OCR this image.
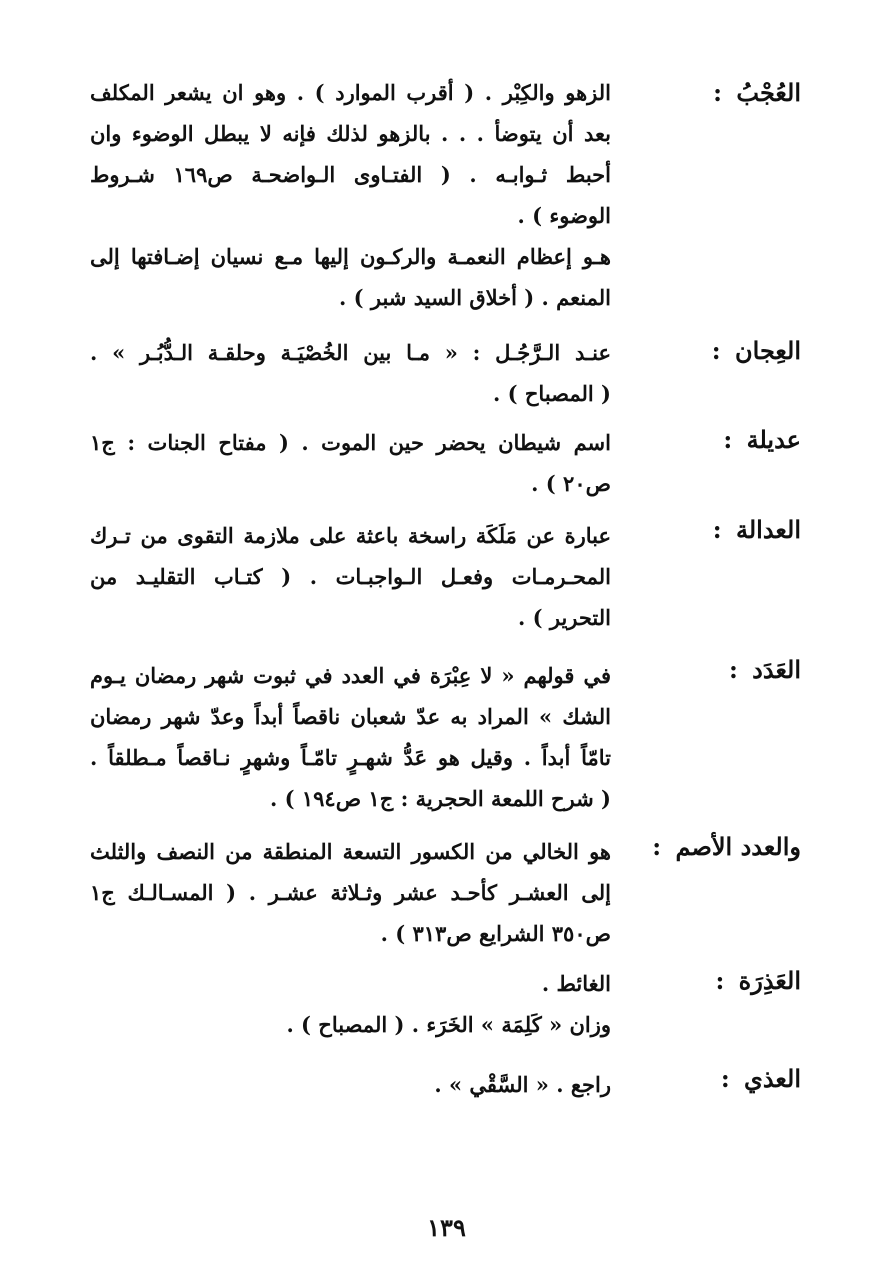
العُجْبُ :
الزهو والكِبْر . ( أقرب الموارد ) . وهو ان يشعر المكلف
بعد أن يتوضأ . . . بالزهو لذلك فإنه لا يبطل الوضوء وان
أحبط ثـوابـه . ( الفتـاوى الـواضحـة ص١٦٩ شـروط
الوضوء ) .
هـو إعظام النعمـة والركـون إليها مـع نسيان إضـافتها إلى
المنعم . ( أخلاق السيد شبر ) .
العِجان :
عنـد الـرَّجُـل : « مـا بين الخُصْيَـة وحلقـة الـدُّبُـر » .
( المصباح ) .
عديلة :
اسم شيطان يحضر حين الموت . ( مفتاح الجنات : ج١
ص٢٠ ) .
العدالة :
عبارة عن مَلَكَة راسخة باعثة على ملازمة التقوى من تـرك
المحـرمـات وفعـل الـواجبـات . ( كتـاب التقليـد من
التحرير ) .
العَدَد :
في قولهم « لا عِبْرَة في العدد في ثبوت شهر رمضان يـوم
الشك » المراد به عدّ شعبان ناقصاً أبداً وعدّ شهر رمضان
تامّاً أبداً . وقيل هو عَدُّ شهـرٍ تامّـاً وشهرٍ نـاقصاً مـطلقاً .
( شرح اللمعة الحجرية : ج١ ص١٩٤ ) .
والعدد الأصم :
هو الخالي من الكسور التسعة المنطقة من النصف والثلث
إلى العشـر كأحـد عشر وثـلاثة عشـر . ( المسـالـك ج١
ص٣٥٠ الشرايع ص٣١٣ ) .
العَذِرَة :
الغائط .
وزان « كَلِمَة » الخَرَء . ( المصباح ) .
العذي :
راجع . « السَّقْي » .
١٣٩
